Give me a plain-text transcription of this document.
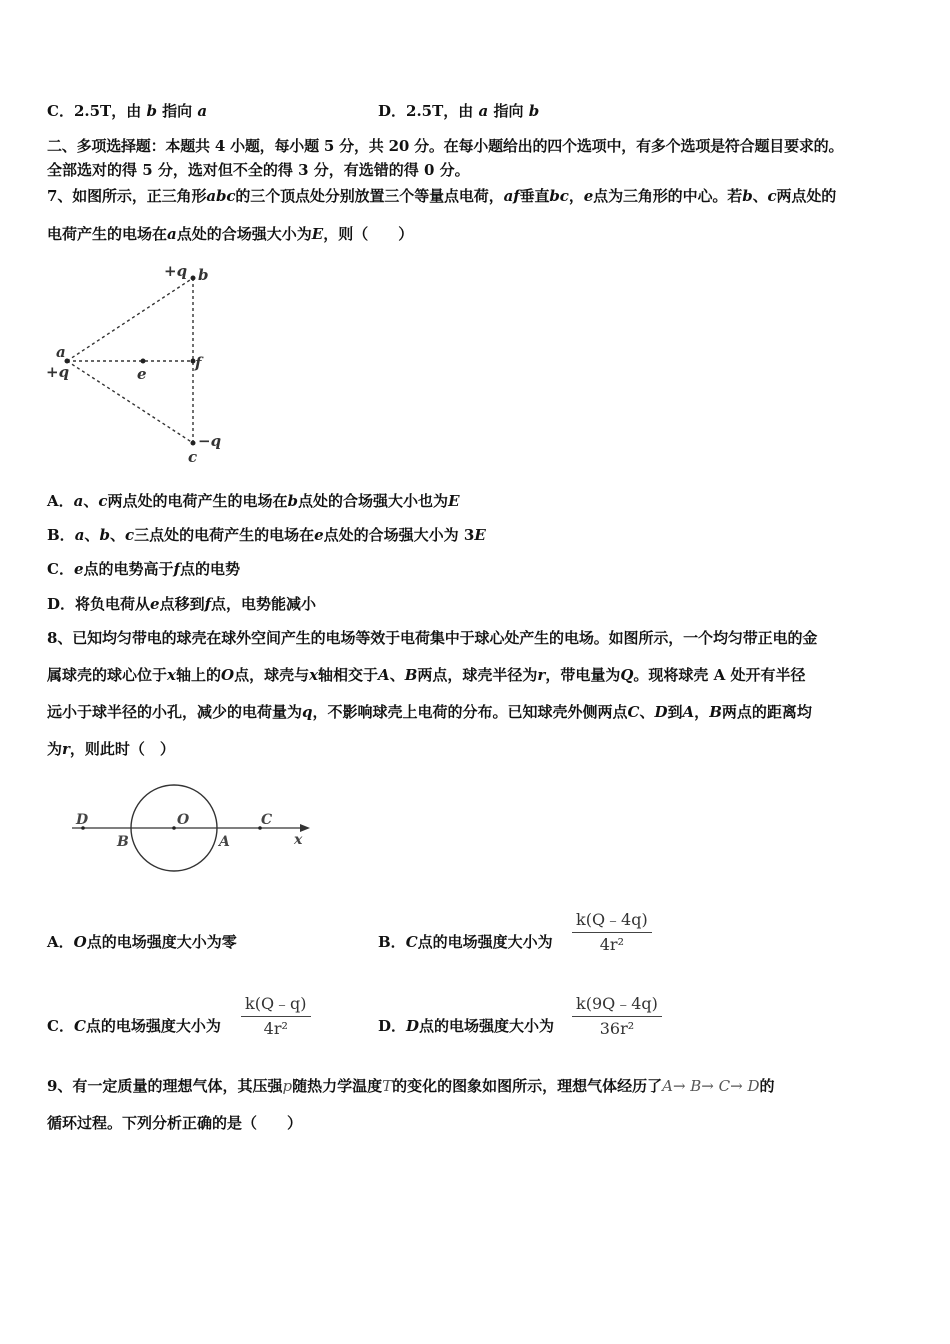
C．2.5T，由 b 指向 a	D．2.5T，由 a 指向 b
二、多项选择题：本题共 4 小题，每小题 5 分，共 20 分。在每小题给出的四个选项中，有多个选项是符合题目要求的。
全部选对的得 5 分，选对但不全的得 3 分，有选错的得 0 分。
7、如图所示，正三角形abc的三个顶点处分别放置三个等量点电荷，af垂直bc，e点为三角形的中心。若b、c两点处的
电荷产生的电场在a点处的合场强大小为E，则（　　）
+q b
a
+q	e
f
c
−q
A．a、c两点处的电荷产生的电场在b点处的合场强大小也为E
B．a、b、c三点处的电荷产生的电场在e点处的合场强大小为 3E
C．e点的电势高于f点的电势
D．将负电荷从e点移到f点，电势能减小
8、已知均匀带电的球壳在球外空间产生的电场等效于电荷集中于球心处产生的电场。如图所示，一个均匀带正电的金
属球壳的球心位于x轴上的O点，球壳与x轴相交于A、B两点，球壳半径为r，带电量为Q。现将球壳 A 处开有半径
远小于球半径的小孔，减少的电荷量为q，不影响球壳上电荷的分布。已知球壳外侧两点C、D到A，B两点的距离均
为r，则此时（　）
D
B
O
A
C
x
A．O点的电场强度大小为零	B．C点的电场强度大小为 $\frac{k(Q﹣4q)}{\text{4r²}}$
C．C点的电场强度大小为 $\frac{k(Q﹣q)}{\text{4r²}}$	D．D点的电场强度大小为 $\frac{k(9Q﹣4q)}{\text{36r²}}$
9、有一定质量的理想气体，其压强p随热力学温度T的变化的图象如图所示，理想气体经历了A→ B→ C→ D的
循环过程。下列分析正确的是（　　）
